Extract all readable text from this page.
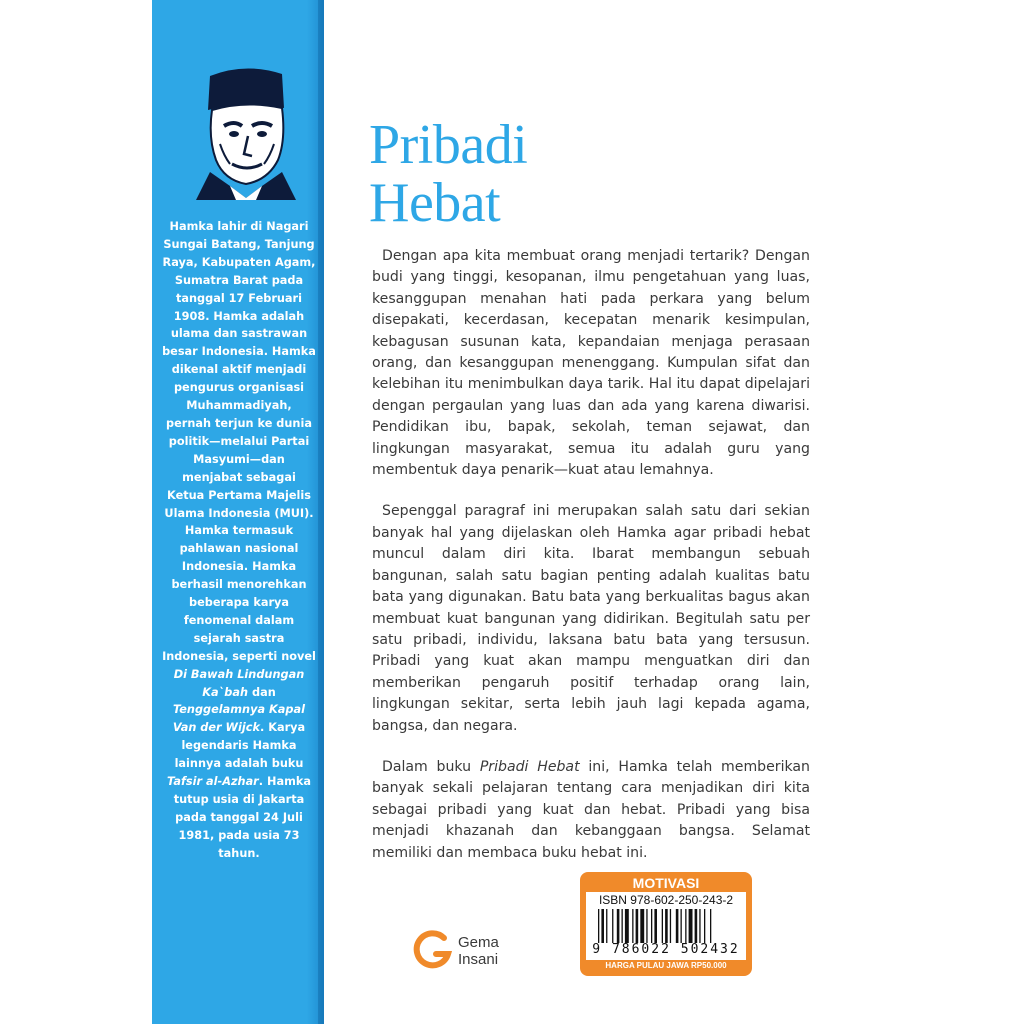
Hamka lahir di Nagari Sungai Batang, Tanjung Raya, Kabupaten Agam, Sumatra Barat pada tanggal 17 Februari 1908. Hamka adalah ulama dan sastrawan besar Indonesia. Hamka dikenal aktif menjadi pengurus organisasi Muhammadiyah, pernah terjun ke dunia politik—melalui Partai Masyumi—dan menjabat sebagai Ketua Pertama Majelis Ulama Indonesia (MUI). Hamka termasuk pahlawan nasional Indonesia. Hamka berhasil menorehkan beberapa karya fenomenal dalam sejarah sastra Indonesia, seperti novel Di Bawah Lindungan Ka`bah dan Tenggelamnya Kapal Van der Wijck. Karya legendaris Hamka lainnya adalah buku Tafsir al-Azhar. Hamka tutup usia di Jakarta pada tanggal 24 Juli 1981, pada usia 73 tahun.
Pribadi
Hebat

Dengan apa kita membuat orang menjadi tertarik? Dengan budi yang tinggi, kesopanan, ilmu pengetahuan yang luas, kesanggupan menahan hati pada perkara yang belum disepakati, kecerdasan, kecepatan menarik kesimpulan, kebagusan susunan kata, kepandaian menjaga perasaan orang, dan kesanggupan menenggang. Kumpulan sifat dan kelebihan itu menimbulkan daya tarik. Hal itu dapat dipelajari dengan pergaulan yang luas dan ada yang karena diwarisi. Pendidikan ibu, bapak, sekolah, teman sejawat, dan lingkungan masyarakat, semua itu adalah guru yang membentuk daya penarik—kuat atau lemahnya.

Sepenggal paragraf ini merupakan salah satu dari sekian banyak hal yang dijelaskan oleh Hamka agar pribadi hebat muncul dalam diri kita. Ibarat membangun sebuah bangunan, salah satu bagian penting adalah kualitas batu bata yang digunakan. Batu bata yang berkualitas bagus akan membuat kuat bangunan yang didirikan. Begitulah satu per satu pribadi, individu, laksana batu bata yang tersusun. Pribadi yang kuat akan mampu menguatkan diri dan memberikan pengaruh positif terhadap orang lain, lingkungan sekitar, serta lebih jauh lagi kepada agama, bangsa, dan negara.

Dalam buku Pribadi Hebat ini, Hamka telah memberikan banyak sekali pelajaran tentang cara menjadikan diri kita sebagai pribadi yang kuat dan hebat. Pribadi yang bisa menjadi khazanah dan kebanggaan bangsa. Selamat memiliki dan membaca buku hebat ini.

Gema
Insani
MOTIVASI
ISBN 978-602-250-243-2
9 786022 502432
HARGA PULAU JAWA RP50.000
